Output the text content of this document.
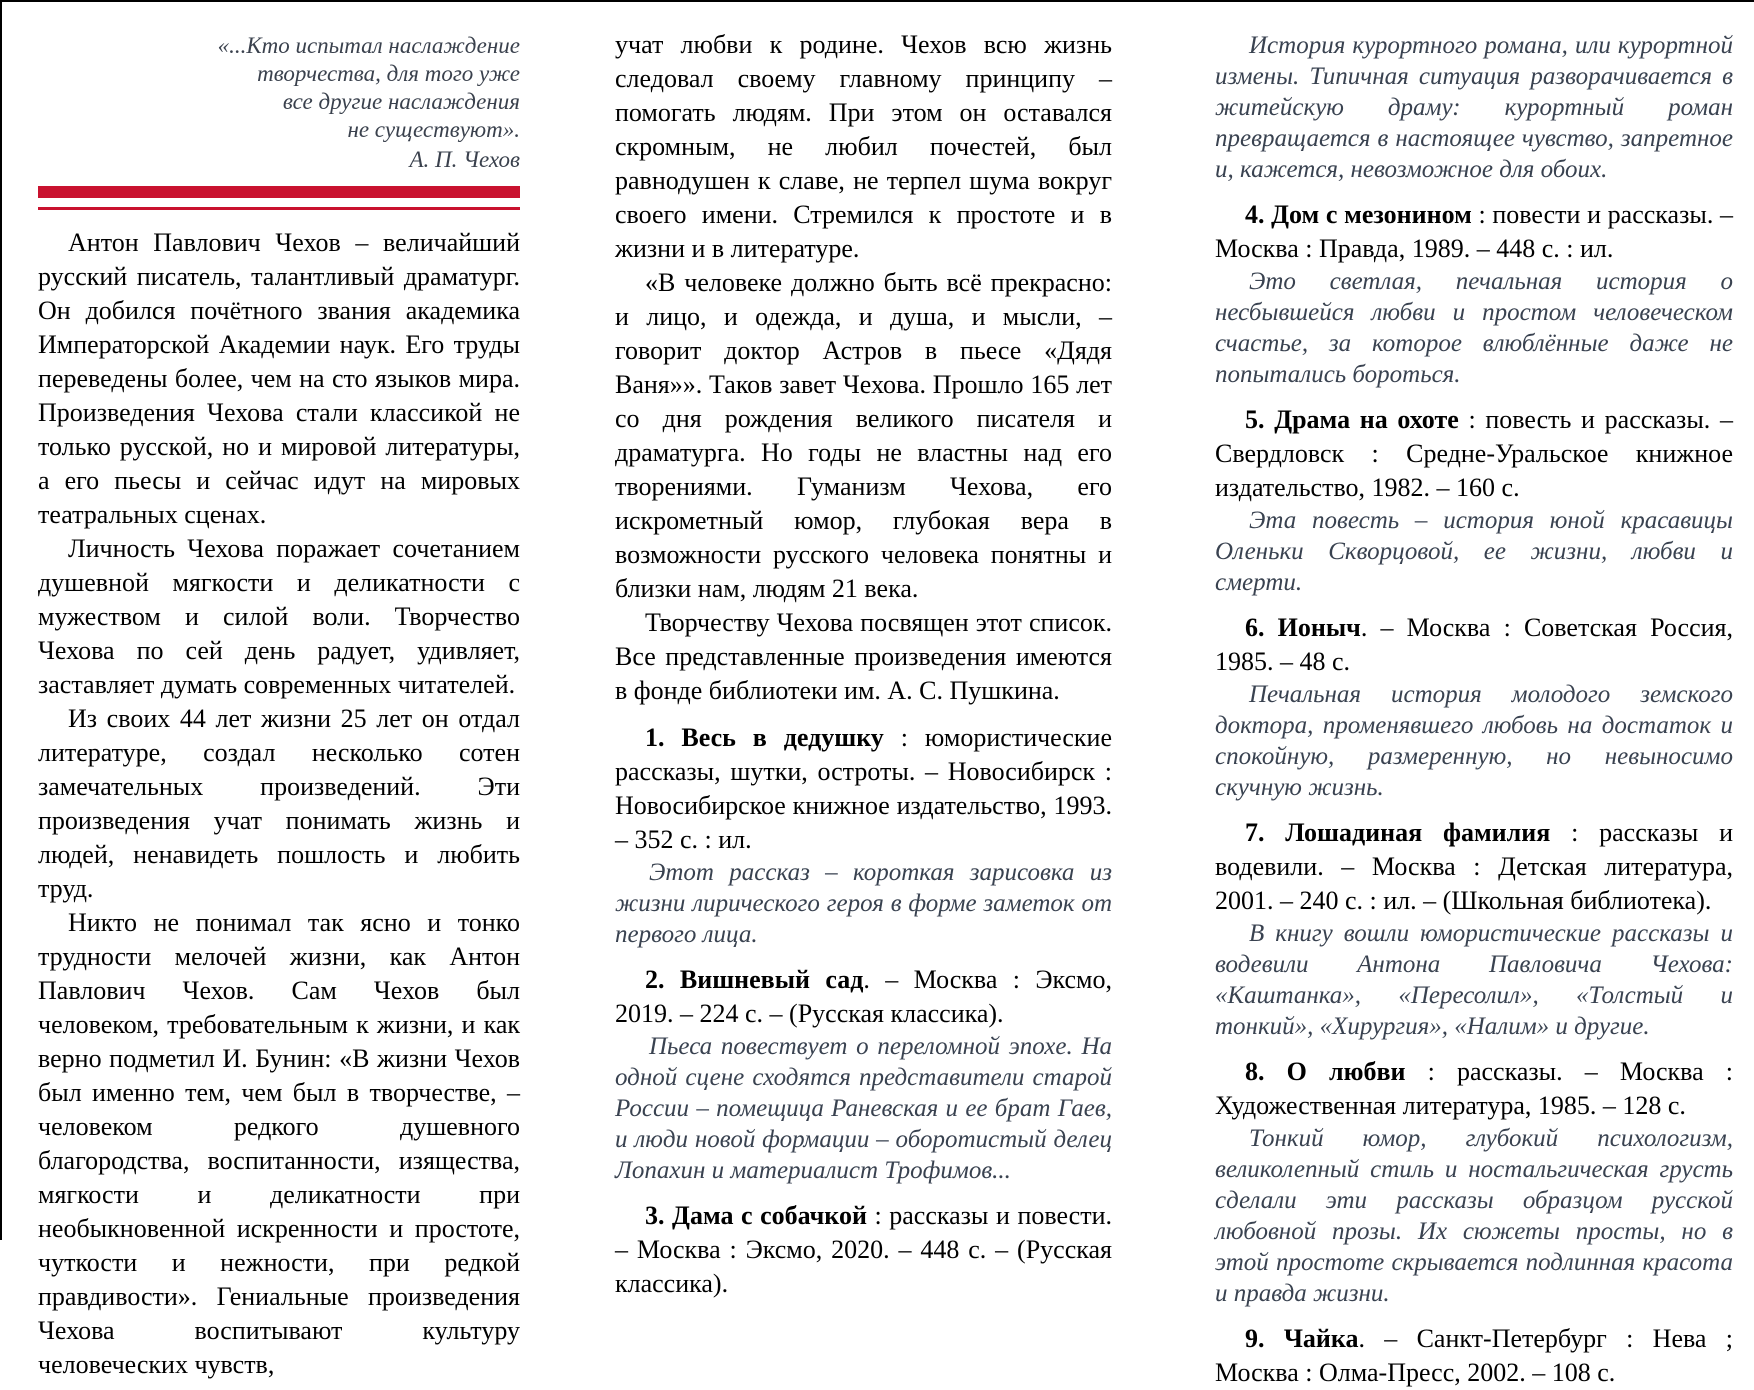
«...Кто испытал наслаждение
творчества, для того уже
все другие наслаждения
не существуют».
А. П. Чехов

Антон Павлович Чехов – величайший русский писатель, талантливый драматург. Он добился почётного звания академика Императорской Академии наук. Его труды переведены более, чем на сто языков мира. Произведения Чехова стали классикой не только русской, но и мировой литературы, а его пьесы и сейчас идут на мировых театральных сценах.

Личность Чехова поражает сочетанием душевной мягкости и деликатности с мужеством и силой воли. Творчество Чехова по сей день радует, удивляет, заставляет думать современных читателей.

Из своих 44 лет жизни 25 лет он отдал литературе, создал несколько сотен замечательных произведений. Эти произведения учат понимать жизнь и людей, ненавидеть пошлость и любить труд.

Никто не понимал так ясно и тонко трудности мелочей жизни, как Антон Павлович Чехов. Сам Чехов был человеком, требовательным к жизни, и как верно подметил И. Бунин: «В жизни Чехов был именно тем, чем был в творчестве, – человеком редкого душевного благородства, воспитанности, изящества, мягкости и деликатности при необыкновенной искренности и простоте, чуткости и нежности, при редкой правдивости». Гениальные произведения Чехова воспитывают культуру человеческих чувств,

учат любви к родине. Чехов всю жизнь следовал своему главному принципу – помогать людям. При этом он оставался скромным, не любил почестей, был равнодушен к славе, не терпел шума вокруг своего имени. Стремился к простоте и в жизни и в литературе.

«В человеке должно быть всё прекрасно: и лицо, и одежда, и душа, и мысли, – говорит доктор Астров в пьесе «Дядя Ваня»». Таков завет Чехова. Прошло 165 лет со дня рождения великого писателя и драматурга. Но годы не властны над его творениями. Гуманизм Чехова, его искрометный юмор, глубокая вера в возможности русского человека понятны и близки нам, людям 21 века.

Творчеству Чехова посвящен этот список. Все представленные произведения имеются в фонде библиотеки им. А. С. Пушкина.

1. Весь в дедушку : юмористические рассказы, шутки, остроты. – Новосибирск : Новосибирское книжное издательство, 1993. – 352 с. : ил.

Этот рассказ – короткая зарисовка из жизни лирического героя в форме заметок от первого лица.

2. Вишневый сад. – Москва : Эксмо, 2019. – 224 с. – (Русская классика).

Пьеса повествует о переломной эпохе. На одной сцене сходятся представители старой России – помещица Раневская и ее брат Гаев, и люди новой формации – оборотистый делец Лопахин и материалист Трофимов...

3. Дама с собачкой : рассказы и повести. – Москва : Эксмо, 2020. – 448 с. – (Русская классика).

История курортного романа, или курортной измены. Типичная ситуация разворачивается в житейскую драму: курортный роман превращается в настоящее чувство, запретное и, кажется, невозможное для обоих.

4. Дом с мезонином : повести и рассказы. – Москва : Правда, 1989. – 448 с. : ил.

Это светлая, печальная история о несбывшейся любви и простом человеческом счастье, за которое влюблённые даже не попытались бороться.

5. Драма на охоте : повесть и рассказы. – Свердловск : Средне-Уральское книжное издательство, 1982. – 160 с.

Эта повесть – история юной красавицы Оленьки Скворцовой, ее жизни, любви и смерти.

6. Ионыч. – Москва : Советская Россия, 1985. – 48 с.

Печальная история молодого земского доктора, променявшего любовь на достаток и спокойную, размеренную, но невыносимо скучную жизнь.

7. Лошадиная фамилия : рассказы и водевили. – Москва : Детская литература, 2001. – 240 с. : ил. – (Школьная библиотека).

В книгу вошли юмористические рассказы и водевили Антона Павловича Чехова: «Каштанка», «Пересолил», «Толстый и тонкий», «Хирургия», «Налим» и другие.

8. О любви : рассказы. – Москва : Художественная литература, 1985. – 128 с.

Тонкий юмор, глубокий психологизм, великолепный стиль и ностальгическая грусть сделали эти рассказы образцом русской любовной прозы. Их сюжеты просты, но в этой простоте скрывается подлинная красота и правда жизни.

9. Чайка. – Санкт-Петербург : Нева ; Москва : Олма-Пресс, 2002. – 108 с.
